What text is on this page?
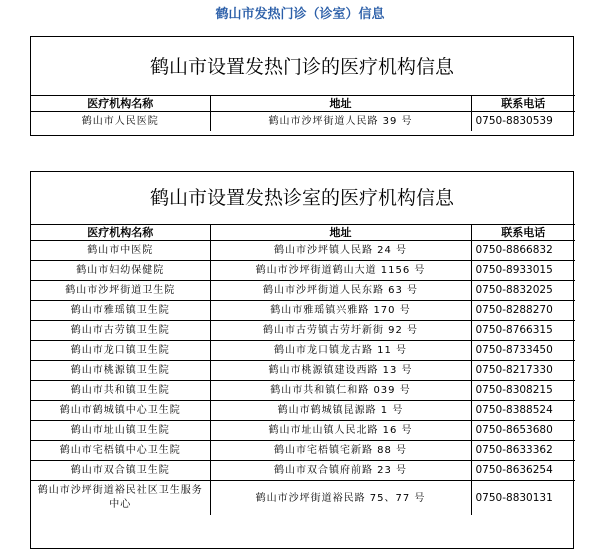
鹤山市发热门诊（诊室）信息
鹤山市设置发热门诊的医疗机构信息
医疗机构名称	地址	联系电话
鹤山市人民医院	鹤山市沙坪街道人民路 39 号	0750-8830539
鹤山市设置发热诊室的医疗机构信息
医疗机构名称	地址	联系电话
鹤山市中医院	鹤山市沙坪镇人民路 24 号	0750-8866832
鹤山市妇幼保健院	鹤山市沙坪街道鹤山大道 1156 号	0750-8933015
鹤山市沙坪街道卫生院	鹤山市沙坪街道人民东路 63 号	0750-8832025
鹤山市雅瑶镇卫生院	鹤山市雅瑶镇兴雅路 170 号	0750-8288270
鹤山市古劳镇卫生院	鹤山市古劳镇古劳圩新街 92 号	0750-8766315
鹤山市龙口镇卫生院	鹤山市龙口镇龙古路 11 号	0750-8733450
鹤山市桃源镇卫生院	鹤山市桃源镇建设西路 13 号	0750-8217330
鹤山市共和镇卫生院	鹤山市共和镇仁和路 039 号	0750-8308215
鹤山市鹤城镇中心卫生院	鹤山市鹤城镇昆源路 1 号	0750-8388524
鹤山市址山镇卫生院	鹤山市址山镇人民北路 16 号	0750-8653680
鹤山市宅梧镇中心卫生院	鹤山市宅梧镇宅新路 88 号	0750-8633362
鹤山市双合镇卫生院	鹤山市双合镇府前路 23 号	0750-8636254
鹤山市沙坪街道裕民社区卫生服务中心	鹤山市沙坪街道裕民路 75、77 号	0750-8830131
